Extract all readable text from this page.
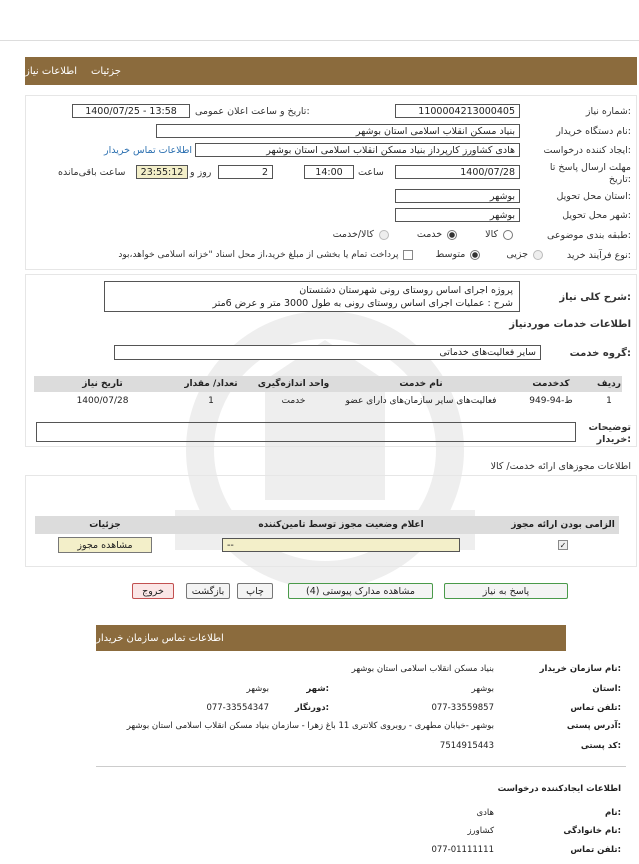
جزئیات
اطلاعات نیاز
شماره نیاز:
1100004213000405
تاریخ و ساعت اعلان عمومی:
1400/07/25 - 13:58
نام دستگاه خریدار:
بنیاد مسکن انقلاب اسلامی استان بوشهر
ایجاد کننده درخواست:
هادی کشاورز کارپرداز بنیاد مسکن انقلاب اسلامی استان بوشهر
اطلاعات تماس خریدار
مهلت ارسال پاسخ تا تاریخ:
1400/07/28
ساعت
14:00
2
روز و
23:55:12
ساعت باقی‌مانده
استان محل تحویل:
بوشهر
شهر محل تحویل:
بوشهر
طبقه بندی موضوعی:
کالا
خدمت
کالا/خدمت
نوع فرآیند خرید:
جزیی
متوسط
پرداخت تمام یا بخشی از مبلغ خرید،از محل اسناد "خزانه اسلامی خواهد،بود
شرح کلی نیاز:
پروژه اجرای اساس روستای رونی شهرستان دشتستان
شرح : عملیات اجرای اساس روستای رونی به طول 3000 متر و عرض 6متر
اطلاعات خدمات موردنیاز
گروه خدمت:
سایر فعالیت‌های خدماتی
ردیف	کدخدمت	نام خدمت	واحد اندازه‌گیری	تعداد/ مقدار	تاریخ نیاز
1	ط-94-949	فعالیت‌های سایر سازمان‌های دارای عضو	خدمت	1	1400/07/28
توضیحات خریدار:
اطلاعات مجوزهای ارائه خدمت/ کالا
الزامی بودن ارائه مجوز	اعلام وضعیت مجوز توسط تامین‌کننده	جزئیات
✓	--	مشاهده مجوز
پاسخ به نیاز
مشاهده مدارک پیوستی (4)
چاپ
بازگشت
خروج
اطلاعات تماس سازمان خریدار
نام سازمان خریدار:
بنیاد مسکن انقلاب اسلامی استان بوشهر
استان:
بوشهر
شهر:
بوشهر
تلفن تماس:
077-33559857
دورنگار:
077-33554347
آدرس پستی:
بوشهر -خیابان مطهری - روبروی کلانتری 11 باغ زهرا - سازمان بنیاد مسکن انقلاب اسلامی استان بوشهر
کد پستی:
7514915443
اطلاعات ایجادکننده درخواست
نام:
هادی
نام خانوادگی:
کشاورز
تلفن تماس:
077-01111111
